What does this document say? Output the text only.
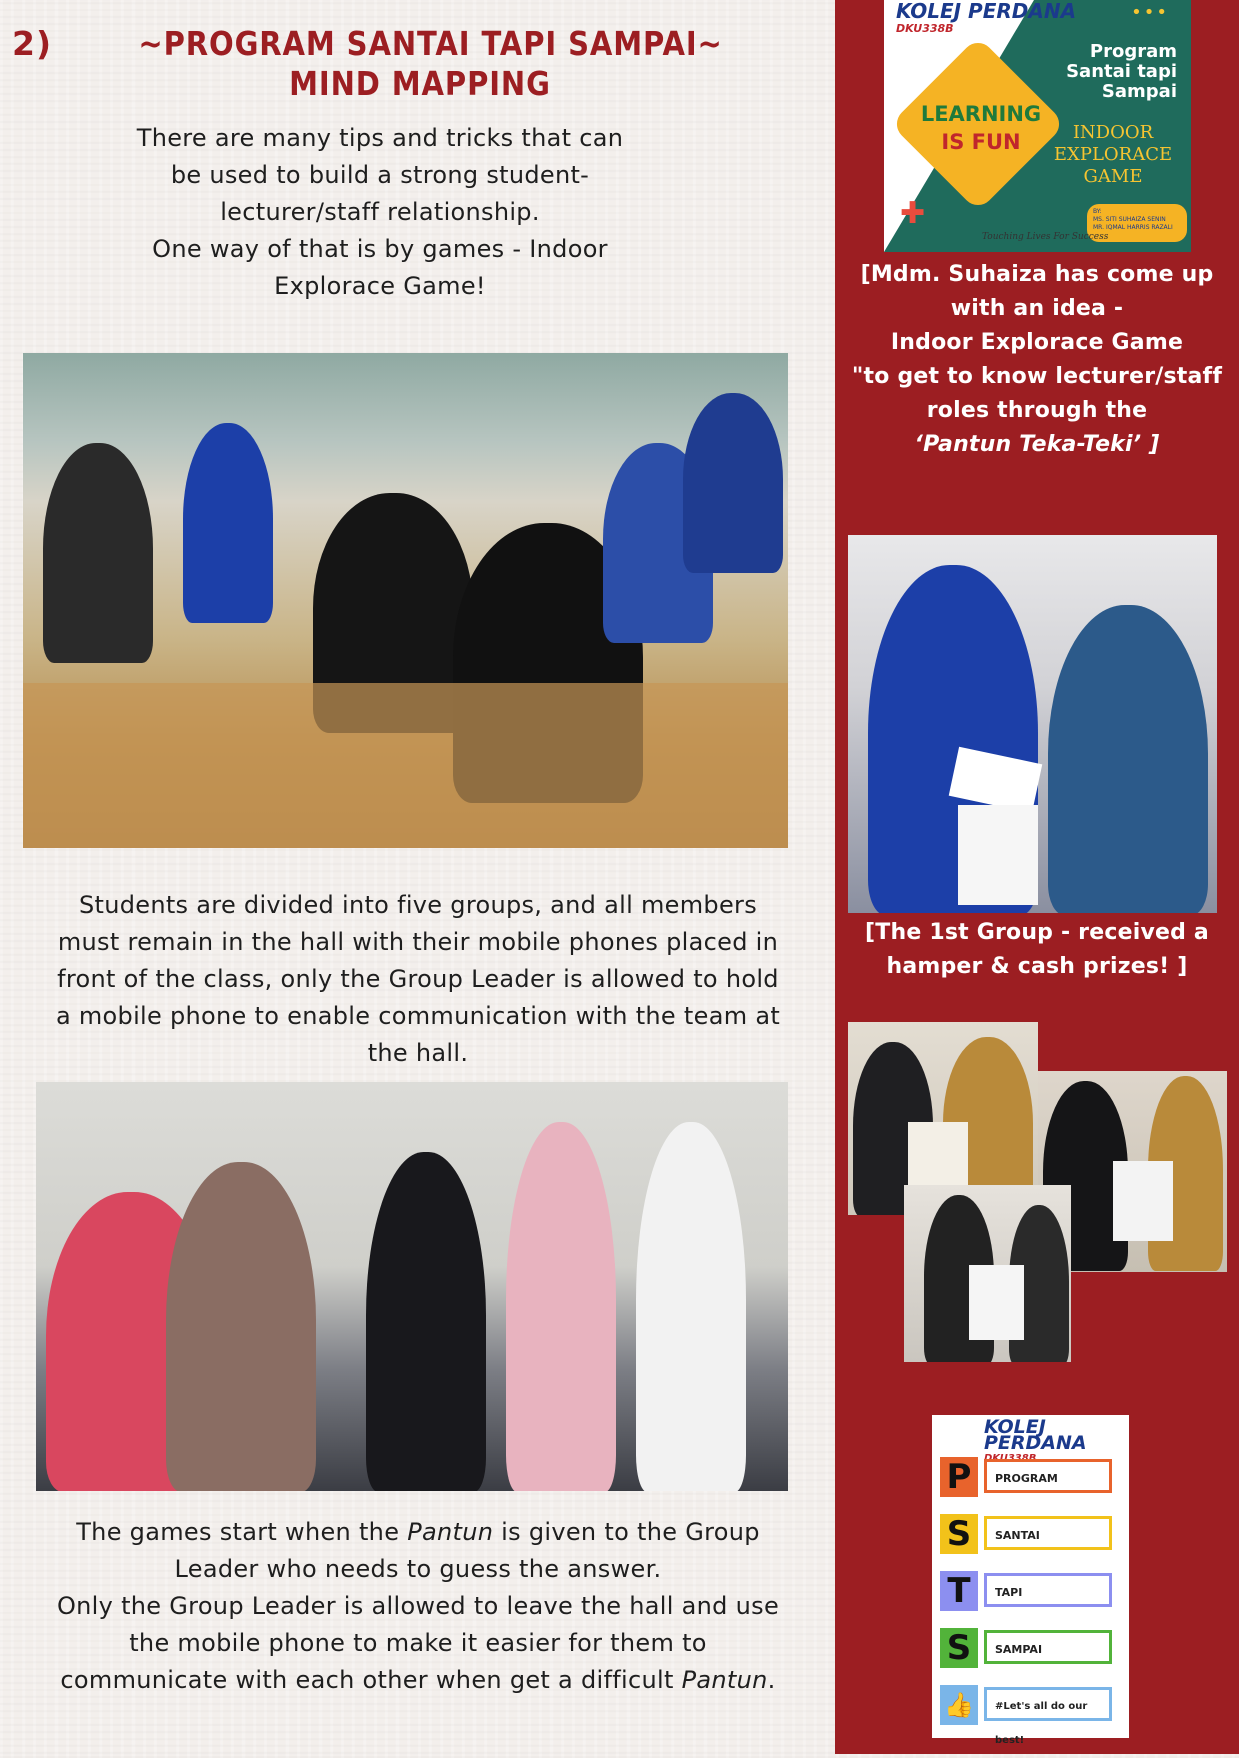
2)	~PROGRAM SANTAI TAPI SAMPAI~
MIND MAPPING
There are many tips and tricks that can
be used to build a strong student-
lecturer/staff relationship.
One way of that is by games - Indoor
Explorace Game!
Students are divided into five groups, and all members
must remain in the hall with their mobile phones placed in
front of the class, only the Group Leader is allowed to hold
a mobile phone to enable communication with the team at
the hall.
The games start when the Pantun is given to the Group
Leader who needs to guess the answer.
Only the Group Leader is allowed to leave the hall and use
the mobile phone to make it easier for them to
communicate with each other when get a difficult Pantun.
KOLEJ PERDANA
DKU338B
•••
Program Santai tapi Sampai
LEARNING
IS FUN	INDOOR
EXPLORACE GAME
✚	BY:
MS. SITI SUHAIZA SENIN
MR. IQMAL HARRIS RAZALI
Touching Lives For Success
[Mdm. Suhaiza has come up
with an idea -
Indoor Explorace Game
"to get to know lecturer/staff
roles through the
‘Pantun Teka-Teki’ ]
[The 1st Group - received a
hamper & cash prizes! ]
KOLEJ PERDANA
P	PROGRAM
S	SANTAI
T	TAPI
S	SAMPAI
👍	#Let's all do our best!
